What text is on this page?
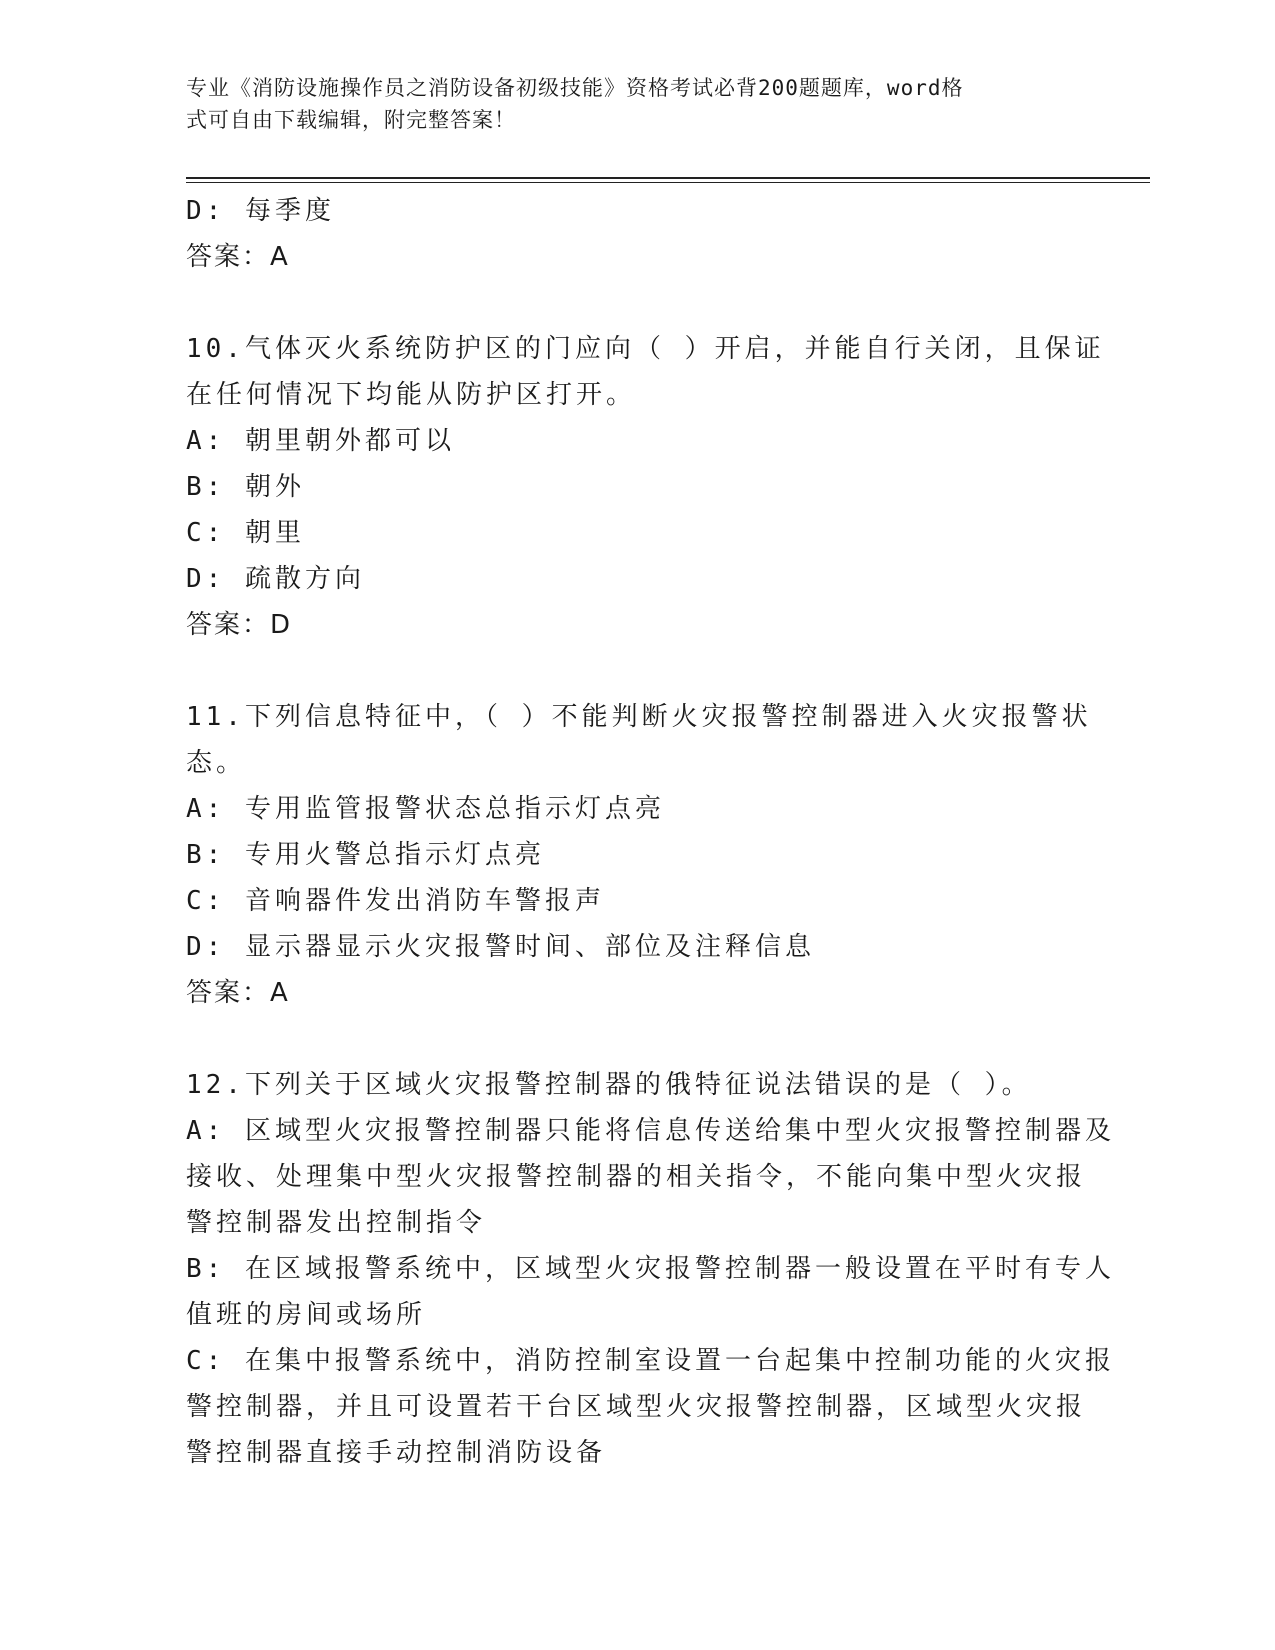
专业《消防设施操作员之消防设备初级技能》资格考试必背200题题库，word格
式可自由下载编辑，附完整答案！
D: 每季度
答案：A
10.气体灭火系统防护区的门应向（ ）开启，并能自行关闭，且保证
在任何情况下均能从防护区打开。
A: 朝里朝外都可以
B: 朝外
C: 朝里
D: 疏散方向
答案：D
11.下列信息特征中，（ ）不能判断火灾报警控制器进入火灾报警状
态。
A: 专用监管报警状态总指示灯点亮
B: 专用火警总指示灯点亮
C: 音响器件发出消防车警报声
D: 显示器显示火灾报警时间、部位及注释信息
答案：A
12.下列关于区域火灾报警控制器的俄特征说法错误的是（ ）。
A: 区域型火灾报警控制器只能将信息传送给集中型火灾报警控制器及
接收、处理集中型火灾报警控制器的相关指令，不能向集中型火灾报
警控制器发出控制指令
B: 在区域报警系统中，区域型火灾报警控制器一般设置在平时有专人
值班的房间或场所
C: 在集中报警系统中，消防控制室设置一台起集中控制功能的火灾报
警控制器，并且可设置若干台区域型火灾报警控制器，区域型火灾报
警控制器直接手动控制消防设备
